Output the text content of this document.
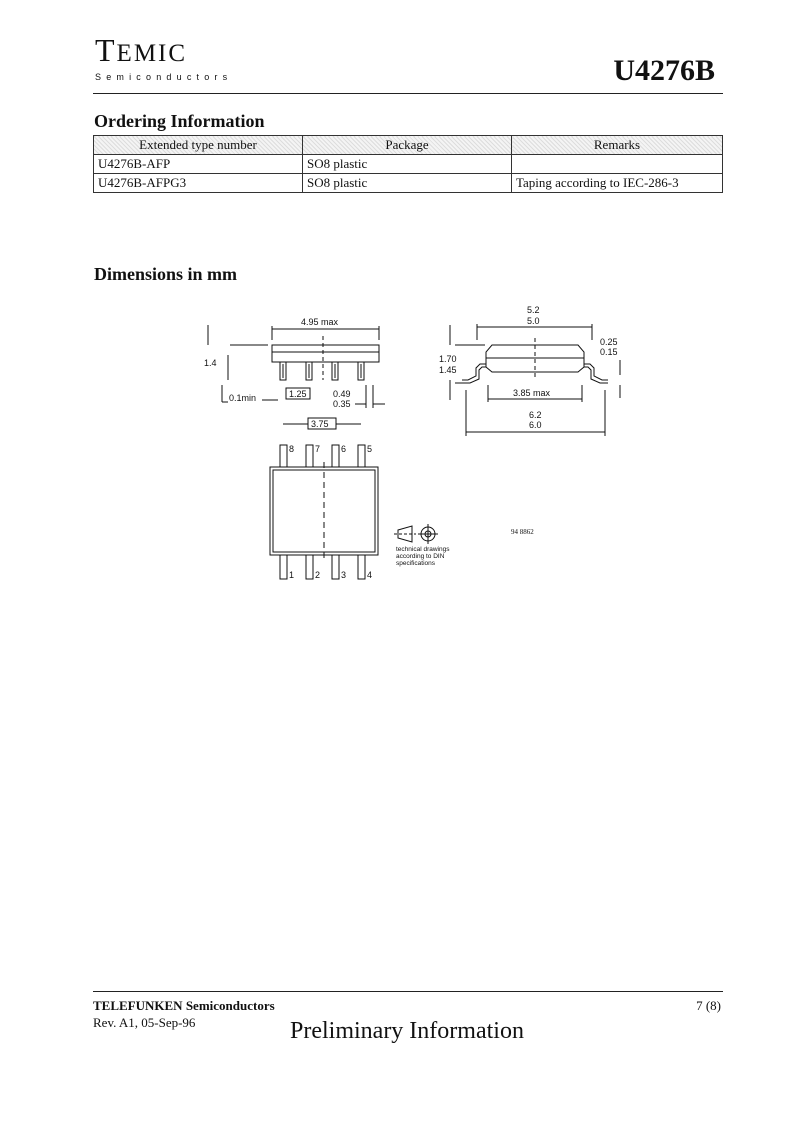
TEMIC
Semiconductors	U4276B
Ordering Information
Extended type number	Package	Remarks
U4276B-AFP	SO8 plastic	
U4276B-AFPG3	SO8 plastic	Taping according to IEC-286-3
Dimensions in mm
4.95 max
1.4
0.1min	1.25	0.49
0.35
3.75
5.2
5.0
0.25
0.15
1.70
1.45
3.85 max
6.2
6.0
8 7 6 5
1 2 3 4
technical drawings
according to DIN
specifications
94 8862
TELEFUNKEN Semiconductors
Rev. A1, 05-Sep-96
7 (8)
Preliminary Information
